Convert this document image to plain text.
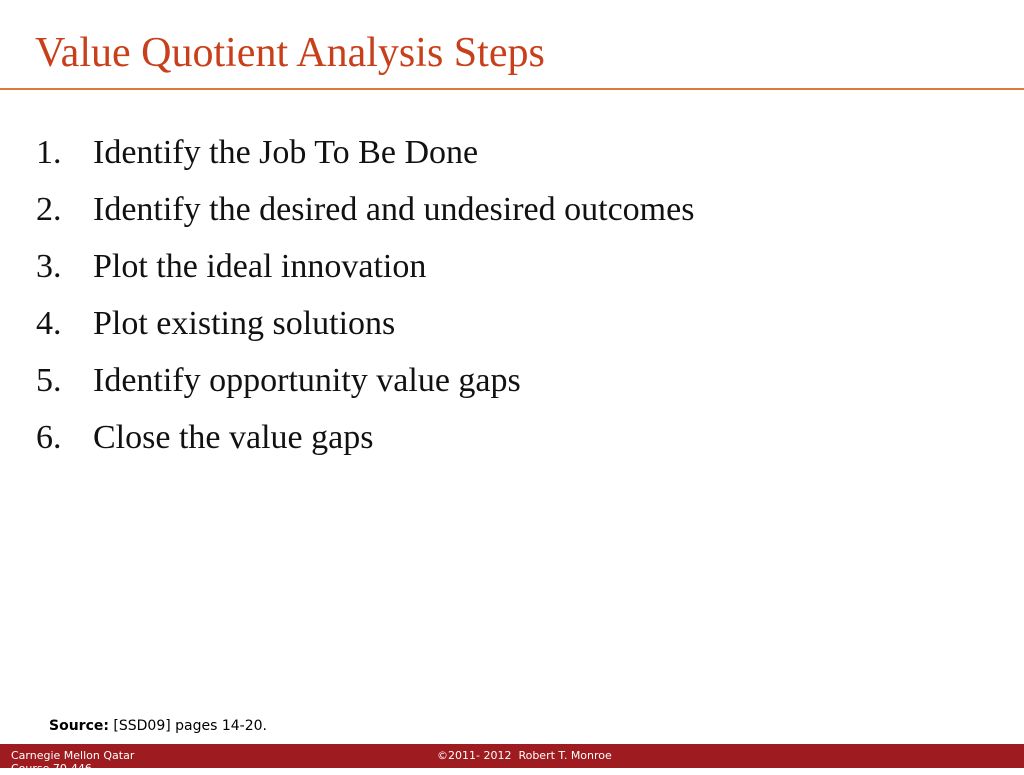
Value Quotient Analysis Steps
1. Identify the Job To Be Done
2. Identify the desired and undesired outcomes
3. Plot the ideal innovation
4. Plot existing solutions
5. Identify opportunity value gaps
6. Close the value gaps
Source: [SSD09] pages 14-20.
Carnegie Mellon Qatar
Course 70-446
©2011- 2012  Robert T. Monroe
